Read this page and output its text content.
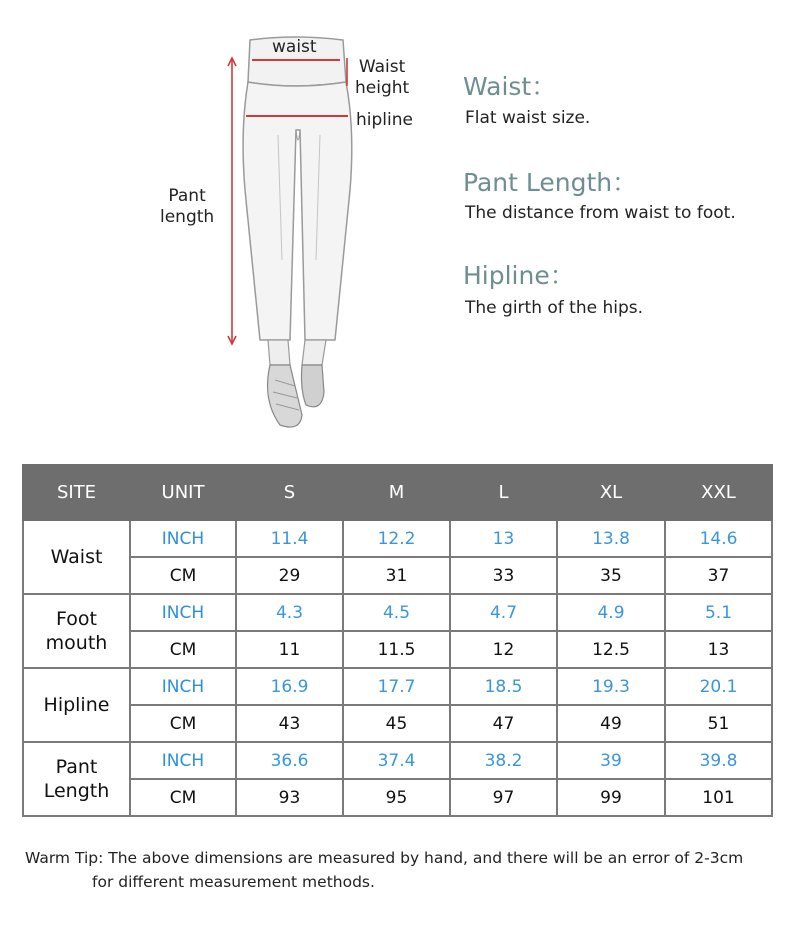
waist
Waist
height
hipline
Pant
length
Waist：
Flat waist size.
Pant Length：
The distance from waist to foot.
Hipline：
The girth of the hips.
SITE	UNIT	S	M	L	XL	XXL
Waist	INCH	11.4	12.2	13	13.8	14.6
	CM	29	31	33	35	37
Foot
mouth	INCH	4.3	4.5	4.7	4.9	5.1
	CM	11	11.5	12	12.5	13
Hipline	INCH	16.9	17.7	18.5	19.3	20.1
	CM	43	45	47	49	51
Pant
Length	INCH	36.6	37.4	38.2	39	39.8
	CM	93	95	97	99	101
Warm Tip: The above dimensions are measured by hand, and there will be an error of 2-3cm
for different measurement methods.
